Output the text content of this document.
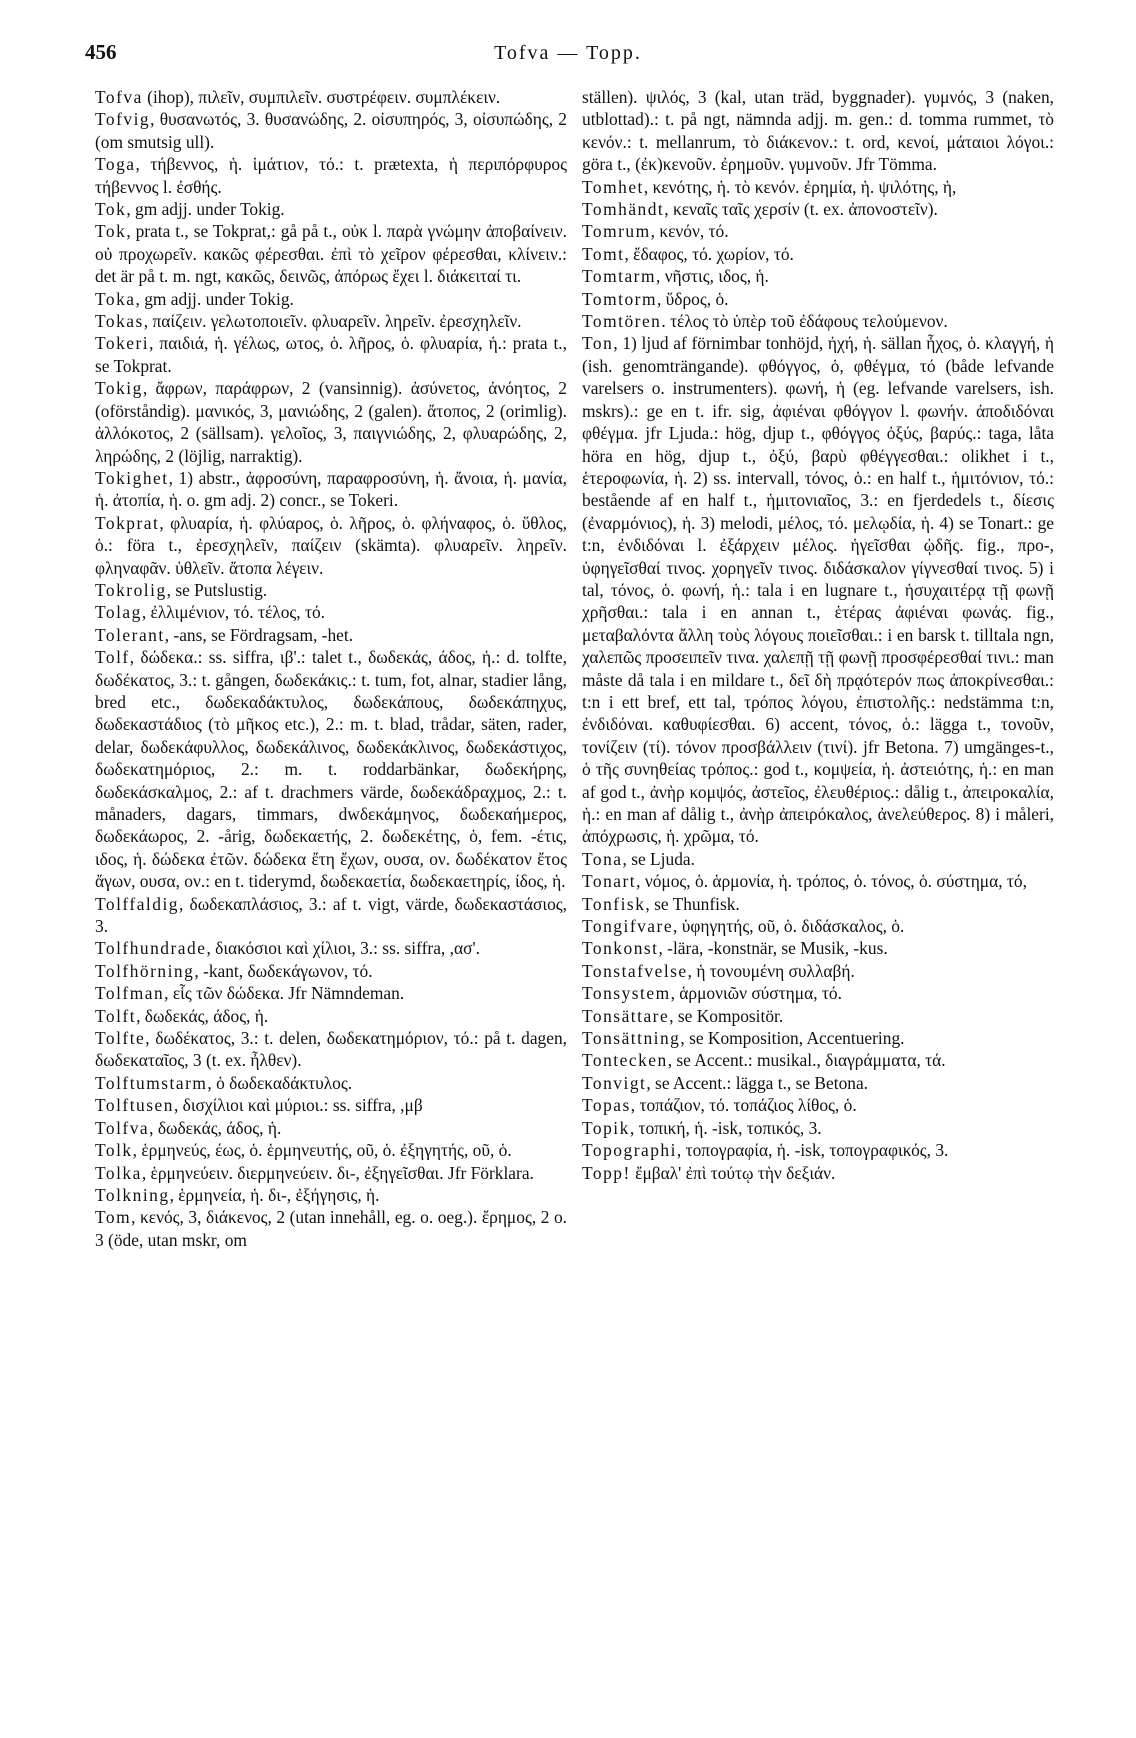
456	Tofva — Topp.

Tofva (ihop), πιλεῖν, συμπιλεῖν. συστρέφειν. συμπλέκειν.

Tofvig, θυσανωτός, 3. θυσανώδης, 2. οἰσυπηρός, 3, οἰσυπώδης, 2 (om smutsig ull).

Toga, τήβεννος, ἡ. ἱμάτιον, τό.: t. prætexta, ἡ περιπόρφυρος τήβεννος l. ἐσθής.

Tok, gm adjj. under Tokig.

Tok, prata t., se Tokprat,: gå på t., οὐκ l. παρὰ γνώμην ἀποβαίνειν. οὐ προχωρεῖν. κακῶς φέρεσθαι. ἐπὶ τὸ χεῖρον φέρεσθαι, κλίνειν.: det är på t. m. ngt, κακῶς, δεινῶς, ἀπόρως ἔχει l. διάκειταί τι.

Toka, gm adjj. under Tokig.

Tokas, παίζειν. γελωτοποιεῖν. φλυαρεῖν. ληρεῖν. ἐρεσχηλεῖν.

Tokeri, παιδιά, ἡ. γέλως, ωτος, ὁ. λῆρος, ὁ. φλυαρία, ἡ.: prata t., se Tokprat.

Tokig, ἄφρων, παράφρων, 2 (vansinnig). ἀσύνετος, ἀνόητος, 2 (oförståndig). μανικός, 3, μανιώδης, 2 (galen). ἄτοπος, 2 (orimlig). ἀλλόκοτος, 2 (sällsam). γελοῖος, 3, παιγνιώδης, 2, φλυαρώδης, 2, ληρώδης, 2 (löjlig, narraktig).

Tokighet, 1) abstr., ἀφροσύνη, παραφροσύνη, ἡ. ἄνοια, ἡ. μανία, ἡ. ἀτοπία, ἡ. o. gm adj. 2) concr., se Tokeri.

Tokprat, φλυαρία, ἡ. φλύαρος, ὁ. λῆρος, ὁ. φλήναφος, ὁ. ὕθλος, ὁ.: föra t., ἐρεσχηλεῖν, παίζειν (skämta). φλυαρεῖν. ληρεῖν. φληναφᾶν. ὑθλεῖν. ἄτοπα λέγειν.

Tokrolig, se Putslustig.

Tolag, ἐλλιμένιον, τό. τέλος, τό.

Tolerant, -ans, se Fördragsam, -het.

Tolf, δώδεκα.: ss. siffra, ιβ'.: talet t., δωδεκάς, άδος, ἡ.: d. tolfte, δωδέκατος, 3.: t. gången, δωδεκάκις.: t. tum, fot, alnar, stadier lång, bred etc., δωδεκαδάκτυλος, δωδεκάπους, δωδεκάπηχυς, δωδεκαστάδιος (τὸ μῆκος etc.), 2.: m. t. blad, trådar, säten, rader, delar, δωδεκάφυλλος, δωδεκάλινος, δωδεκάκλινος, δωδεκάστιχος, δωδεκατημόριος, 2.: m. t. roddarbänkar, δωδεκήρης, δωδεκάσκαλμος, 2.: af t. drachmers värde, δωδεκάδραχμος, 2.: t. månaders, dagars, timmars, dwδεκάμηνος, δωδεκαήμερος, δωδεκάωρος, 2. -årig, δωδεκαετής, 2. δωδεκέτης, ὁ, fem. -έτις, ιδος, ἡ. δώδεκα ἐτῶν. δώδεκα ἔτη ἔχων, ουσα, ον. δωδέκατον ἔτος ἄγων, ουσα, ον.: en t. tiderymd, δωδεκαετία, δωδεκαετηρίς, ίδος, ἡ.

Tolffaldig, δωδεκαπλάσιος, 3.: af t. vigt, värde, δωδεκαστάσιος, 3.

Tolfhundrade, διακόσιοι καὶ χίλιοι, 3.: ss. siffra, ,ασ'.

Tolfhörning, -kant, δωδεκάγωνον, τό.

Tolfman, εἷς τῶν δώδεκα. Jfr Nämndeman.

Tolft, δωδεκάς, άδος, ἡ.

Tolfte, δωδέκατος, 3.: t. delen, δωδεκατημόριον, τό.: på t. dagen, δωδεκαταῖος, 3 (t. ex. ἦλθεν).

Tolftumstarm, ὁ δωδεκαδάκτυλος.

Tolftusen, δισχίλιοι καὶ μύριοι.: ss. siffra, ,μβ

Tolfva, δωδεκάς, άδος, ἡ.

Tolk, ἑρμηνεύς, έως, ὁ. ἑρμηνευτής, οῦ, ὁ. ἐξηγητής, οῦ, ὁ.

Tolka, ἑρμηνεύειν. διερμηνεύειν. δι-, ἐξηγεῖσθαι. Jfr Förklara.

Tolkning, ἑρμηνεία, ἡ. δι-, ἐξήγησις, ἡ.

Tom, κενός, 3, διάκενος, 2 (utan innehåll, eg. o. oeg.). ἔρημος, 2 o. 3 (öde, utan mskr, om

ställen). ψιλός, 3 (kal, utan träd, byggnader). γυμνός, 3 (naken, utblottad).: t. på ngt, nämnda adjj. m. gen.: d. tomma rummet, τὸ κενόν.: t. mellanrum, τὸ διάκενον.: t. ord, κενοί, μάταιοι λόγοι.: göra t., (ἐκ)κενοῦν. ἐρημοῦν. γυμνοῦν. Jfr Tömma.

Tomhet, κενότης, ἡ. τὸ κενόν. ἐρημία, ἡ. ψιλότης, ἡ,

Tomhändt, κεναῖς ταῖς χερσίν (t. ex. ἀπονοστεῖν).

Tomrum, κενόν, τό.

Tomt, ἔδαφος, τό. χωρίον, τό.

Tomtarm, νῆστις, ιδος, ἡ.

Tomtorm, ὕδρος, ὁ.

Tomtören. τέλος τὸ ὑπὲρ τοῦ ἐδάφους τελούμενον.

Ton, 1) ljud af förnimbar tonhöjd, ἠχή, ἡ. sällan ἦχος, ὁ. κλαγγή, ἡ (ish. genomträngande). φθόγγος, ὁ, φθέγμα, τό (både lefvande varelsers o. instrumenters). φωνή, ἡ (eg. lefvande varelsers, ish. mskrs).: ge en t. ifr. sig, ἀφιέναι φθόγγον l. φωνήν. ἀποδιδόναι φθέγμα. jfr Ljuda.: hög, djup t., φθόγγος ὀξύς, βαρύς.: taga, låta höra en hög, djup t., ὀξύ, βαρὺ φθέγγεσθαι.: olikhet i t., ἑτεροφωνία, ἡ. 2) ss. intervall, τόνος, ὁ.: en half t., ἡμιτόνιον, τό.: bestående af en half t., ἡμιτονιαῖος, 3.: en fjerdedels t., δίεσις (ἐναρμόνιος), ἡ. 3) melodi, μέλος, τό. μελῳδία, ἡ. 4) se Tonart.: ge t:n, ἐνδιδόναι l. ἐξάρχειν μέλος. ἡγεῖσθαι ᾠδῆς. fig., προ-, ὑφηγεῖσθαί τινος. χορηγεῖν τινος. διδάσκαλον γίγνεσθαί τινος. 5) i tal, τόνος, ὁ. φωνή, ἡ.: tala i en lugnare t., ἡσυχαιτέρᾳ τῇ φωνῇ χρῆσθαι.: tala i en annan t., ἑτέρας ἀφιέναι φωνάς. fig., μεταβαλόντα ἄλλη τοὺς λόγους ποιεῖσθαι.: i en barsk t. tilltala ngn, χαλεπῶς προσειπεῖν τινα. χαλεπῇ τῇ φωνῇ προσφέρεσθαί τινι.: man måste då tala i en mildare t., δεῖ δὴ πρᾳότερόν πως ἀποκρίνεσθαι.: t:n i ett bref, ett tal, τρόπος λόγου, ἐπιστολῆς.: nedstämma t:n, ἐνδιδόναι. καθυφίεσθαι. 6) accent, τόνος, ὁ.: lägga t., τονοῦν, τονίζειν (τί). τόνον προσβάλλειν (τινί). jfr Betona. 7) umgänges-t., ὁ τῆς συνηθείας τρόπος.: god t., κομψεία, ἡ. ἀστειότης, ἡ.: en man af god t., ἀνὴρ κομψός, ἀστεῖος, ἐλευθέριος.: dålig t., ἀπειροκαλία, ἡ.: en man af dålig t., ἀνὴρ ἀπειρόκαλος, ἀνελεύθερος. 8) i måleri, ἀπόχρωσις, ἡ. χρῶμα, τό.

Tona, se Ljuda.

Tonart, νόμος, ὁ. ἁρμονία, ἡ. τρόπος, ὁ. τόνος, ὁ. σύστημα, τό,

Tonfisk, se Thunfisk.

Tongifvare, ὑφηγητής, οῦ, ὁ. διδάσκαλος, ὁ.

Tonkonst, -lära, -konstnär, se Musik, -kus.

Tonstafvelse, ἡ τονουμένη συλλαβή.

Tonsystem, ἁρμονιῶν σύστημα, τό.

Tonsättare, se Kompositör.

Tonsättning, se Komposition, Accentuering.

Tontecken, se Accent.: musikal., διαγράμματα, τά.

Tonvigt, se Accent.: lägga t., se Betona.

Topas, τοπάζιον, τό. τοπάζιος λίθος, ὁ.

Topik, τοπική, ἡ. -isk, τοπικός, 3.

Topographi, τοπογραφία, ἡ. -isk, τοπογραφικός, 3.

Topp! ἔμβαλ' ἐπὶ τούτῳ τὴν δεξιάν.
